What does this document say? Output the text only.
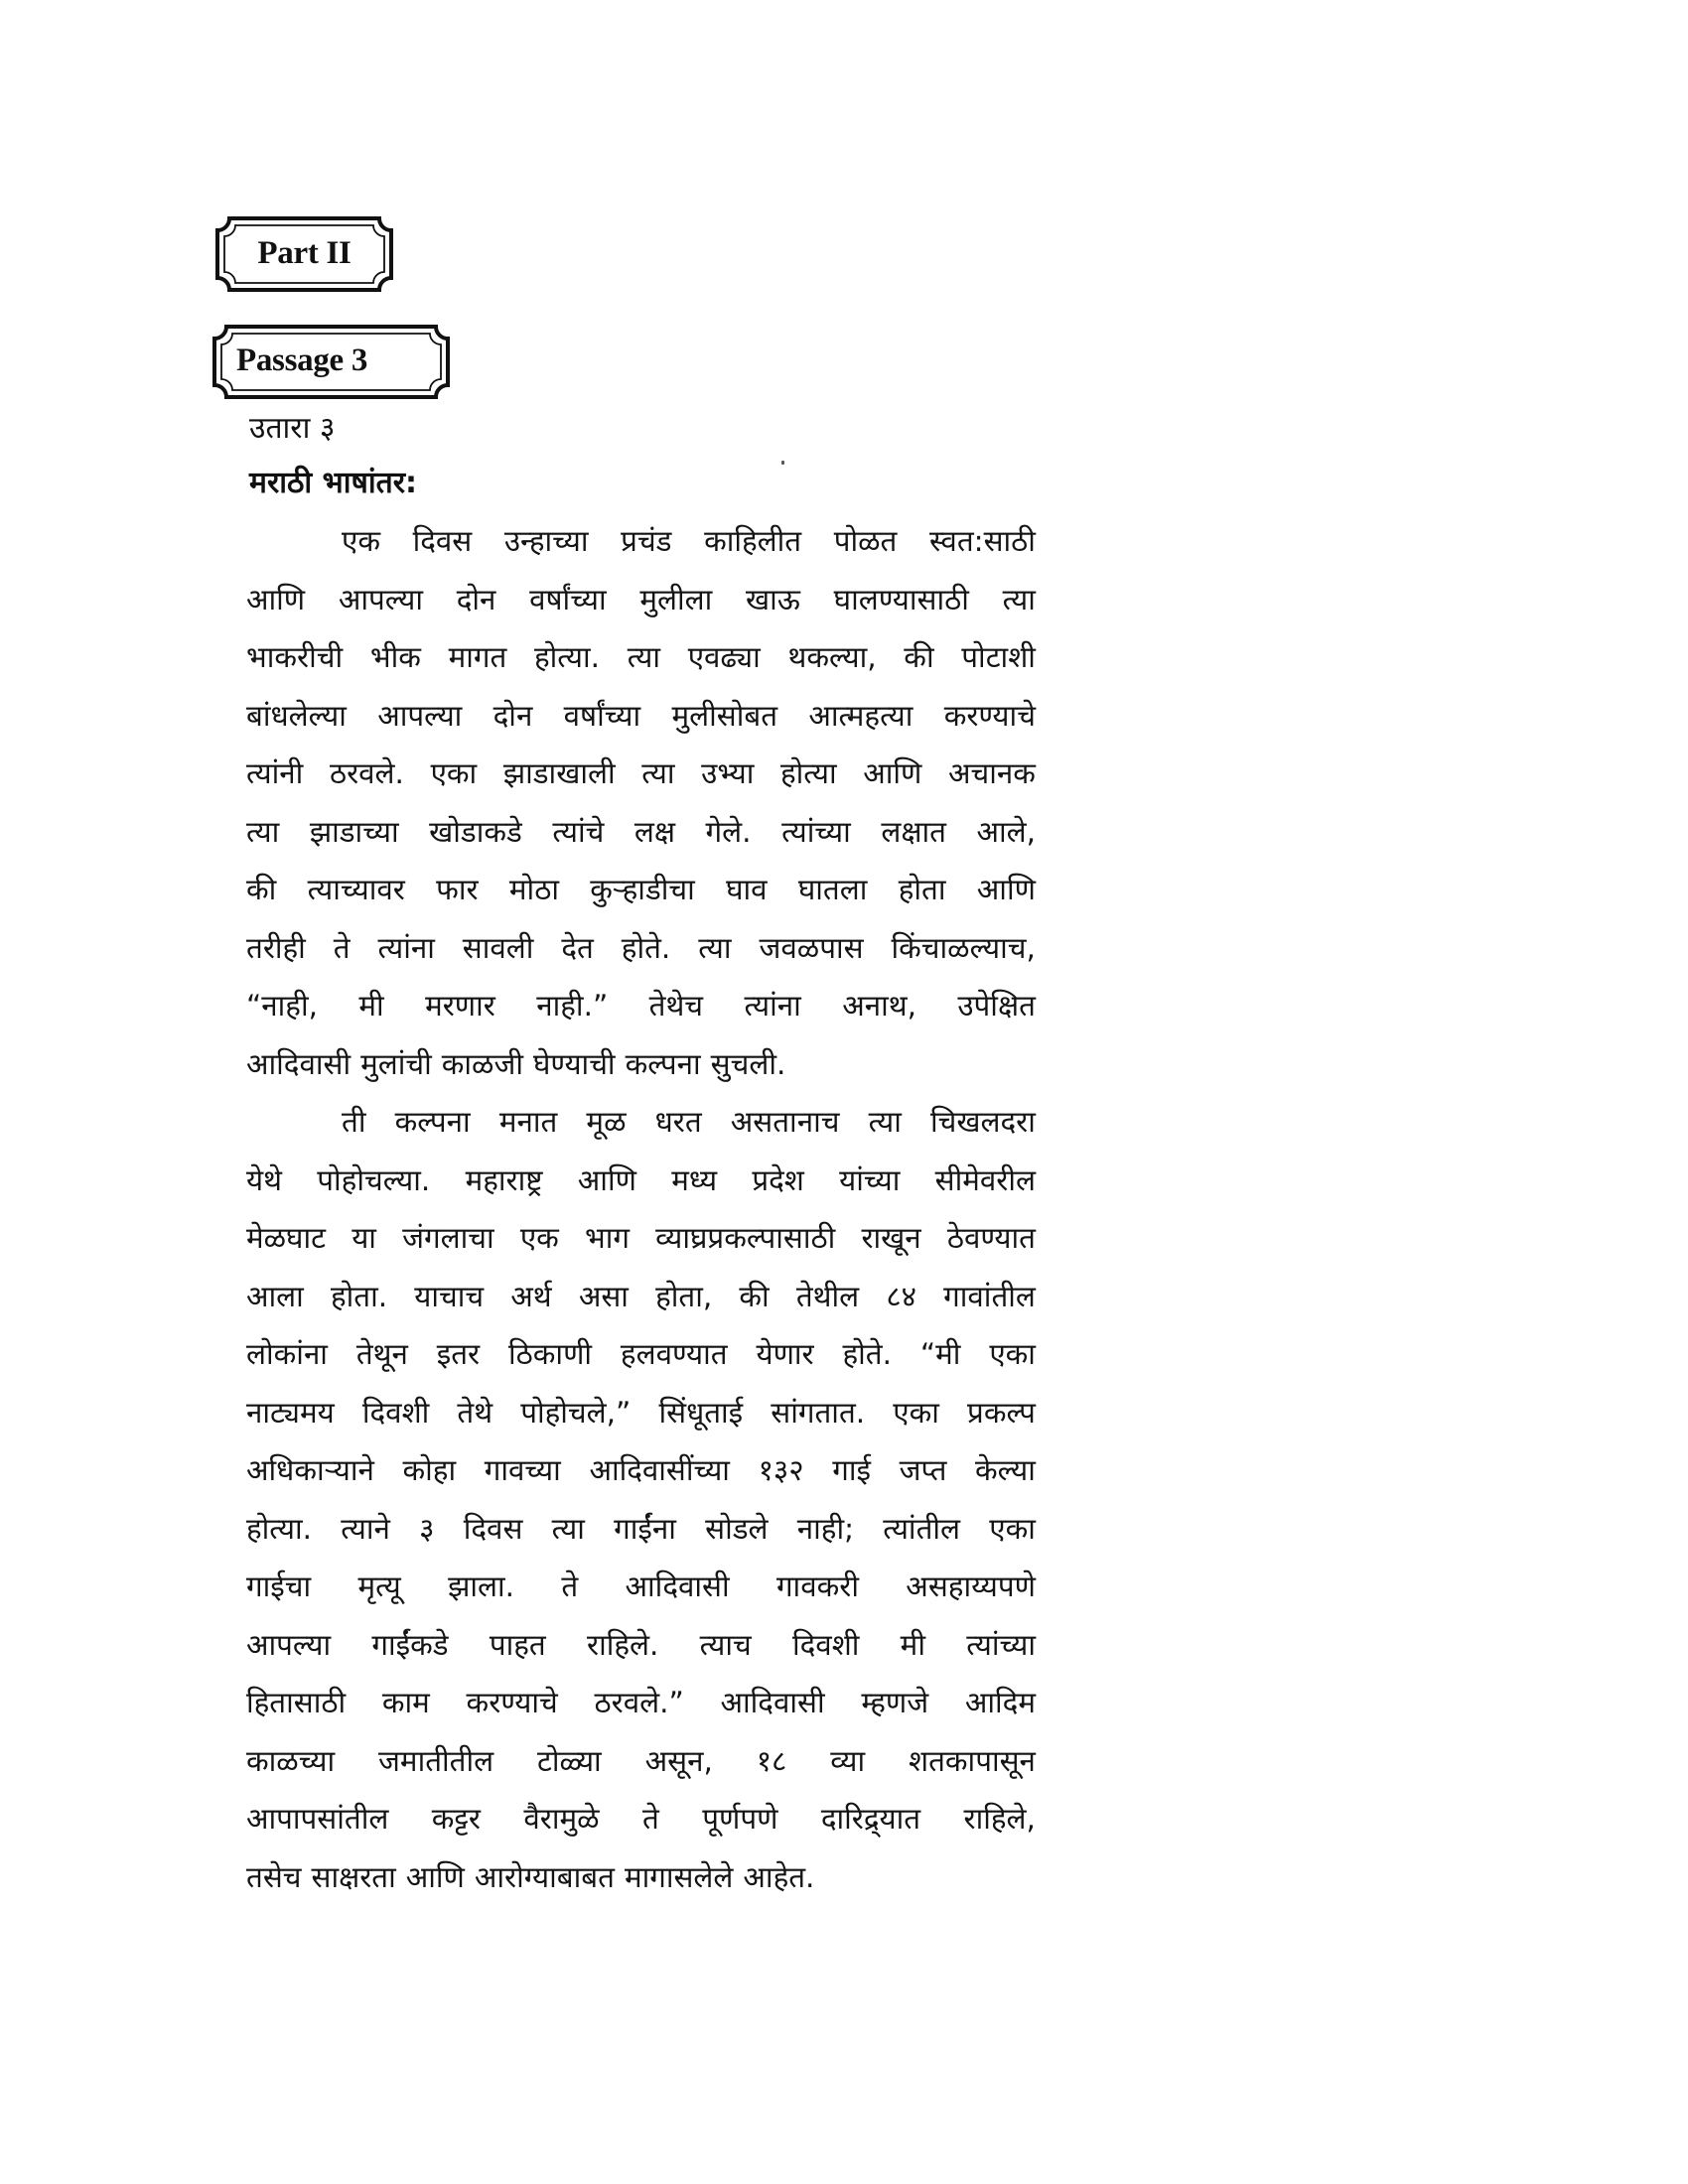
Part II
Passage 3
उतारा ३
मराठी भाषांतर:
एक दिवस उन्हाच्या प्रचंड काहिलीत पोळत स्वत:साठी
आणि आपल्या दोन वर्षांच्या मुलीला खाऊ घालण्यासाठी त्या
भाकरीची भीक मागत होत्या. त्या एवढ्या थकल्या, की पोटाशी
बांधलेल्या आपल्या दोन वर्षांच्या मुलीसोबत आत्महत्या करण्याचे
त्यांनी ठरवले. एका झाडाखाली त्या उभ्या होत्या आणि अचानक
त्या झाडाच्या खोडाकडे त्यांचे लक्ष गेले. त्यांच्या लक्षात आले,
की त्याच्यावर फार मोठा कुऱ्हाडीचा घाव घातला होता आणि
तरीही ते त्यांना सावली देत होते. त्या जवळपास किंचाळल्याच,
“नाही, मी मरणार नाही.” तेथेच त्यांना अनाथ, उपेक्षित
आदिवासी मुलांची काळजी घेण्याची कल्पना सुचली.
ती कल्पना मनात मूळ धरत असतानाच त्या चिखलदरा
येथे पोहोचल्या. महाराष्ट्र आणि मध्य प्रदेश यांच्या सीमेवरील
मेळघाट या जंगलाचा एक भाग व्याघ्रप्रकल्पासाठी राखून ठेवण्यात
आला होता. याचाच अर्थ असा होता, की तेथील ८४ गावांतील
लोकांना तेथून इतर ठिकाणी हलवण्यात येणार होते. “मी एका
नाट्यमय दिवशी तेथे पोहोचले,” सिंधूताई सांगतात. एका प्रकल्प
अधिकाऱ्याने कोहा गावच्या आदिवासींच्या १३२ गाई जप्त केल्या
होत्या. त्याने ३ दिवस त्या गाईंना सोडले नाही; त्यांतील एका
गाईचा मृत्यू झाला. ते आदिवासी गावकरी असहाय्यपणे
आपल्या गाईंकडे पाहत राहिले. त्याच दिवशी मी त्यांच्या
हितासाठी काम करण्याचे ठरवले.” आदिवासी म्हणजे आदिम
काळच्या जमातीतील टोळ्या असून, १८ व्या शतकापासून
आपापसांतील कट्टर वैरामुळे ते पूर्णपणे दारिद्र्यात राहिले,
तसेच साक्षरता आणि आरोग्याबाबत मागासलेले आहेत.
